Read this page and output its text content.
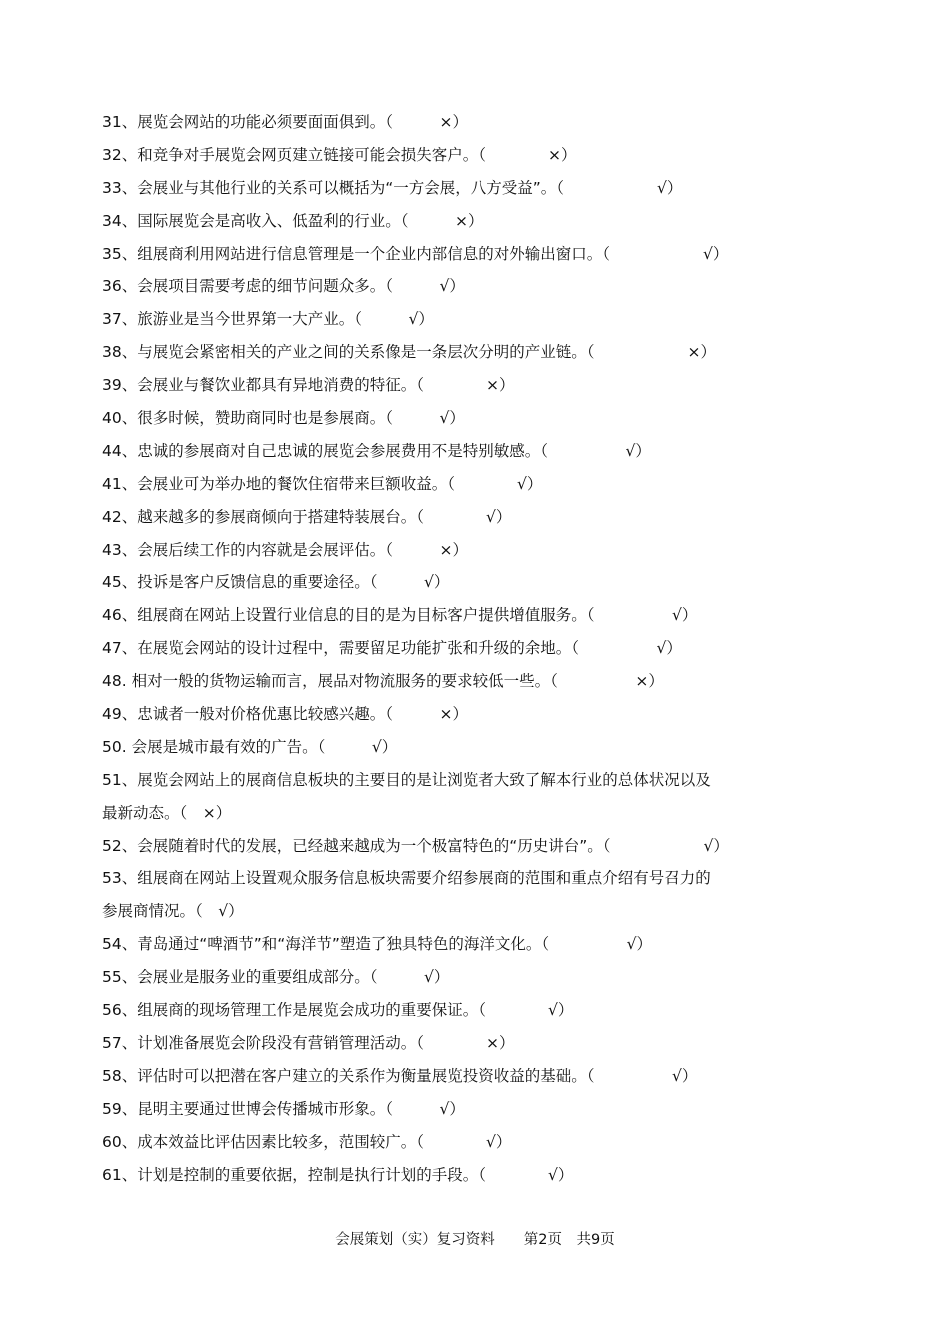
31、展览会网站的功能必须要面面俱到。（　　　×）
32、和竞争对手展览会网页建立链接可能会损失客户。（　　　　×）
33、会展业与其他行业的关系可以概括为“一方会展，八方受益”。（　　　　　　√）
34、国际展览会是高收入、低盈利的行业。（　　　×）
35、组展商利用网站进行信息管理是一个企业内部信息的对外输出窗口。（　　　　　　√）
36、会展项目需要考虑的细节问题众多。（　　　√）
37、旅游业是当今世界第一大产业。（　　　√）
38、与展览会紧密相关的产业之间的关系像是一条层次分明的产业链。（　　　　　　×）
39、会展业与餐饮业都具有异地消费的特征。（　　　　×）
40、很多时候，赞助商同时也是参展商。（　　　√）
44、忠诚的参展商对自己忠诚的展览会参展费用不是特别敏感。（　　　　　√）
41、会展业可为举办地的餐饮住宿带来巨额收益。（　　　　√）
42、越来越多的参展商倾向于搭建特装展台。（　　　　√）
43、会展后续工作的内容就是会展评估。（　　　×）
45、投诉是客户反馈信息的重要途径。（　　　√）
46、组展商在网站上设置行业信息的目的是为目标客户提供增值服务。（　　　　　√）
47、在展览会网站的设计过程中，需要留足功能扩张和升级的余地。（　　　　　√）
48. 相对一般的货物运输而言，展品对物流服务的要求较低一些。（　　　　　×）
49、忠诚者一般对价格优惠比较感兴趣。（　　　×）
50. 会展是城市最有效的广告。（　　　√）
51、展览会网站上的展商信息板块的主要目的是让浏览者大致了解本行业的总体状况以及
最新动态。（　×）
52、会展随着时代的发展，已经越来越成为一个极富特色的“历史讲台”。（　　　　　　√）
53、组展商在网站上设置观众服务信息板块需要介绍参展商的范围和重点介绍有号召力的
参展商情况。（　√）
54、青岛通过“啤酒节”和“海洋节”塑造了独具特色的海洋文化。（　　　　　√）
55、会展业是服务业的重要组成部分。（　　　√）
56、组展商的现场管理工作是展览会成功的重要保证。（　　　　√）
57、计划准备展览会阶段没有营销管理活动。（　　　　×）
58、评估时可以把潜在客户建立的关系作为衡量展览投资收益的基础。（　　　　　√）
59、昆明主要通过世博会传播城市形象。（　　　√）
60、成本效益比评估因素比较多，范围较广。（　　　　√）
61、计划是控制的重要依据，控制是执行计划的手段。（　　　　√）
会展策划（实）复习资料　　第2页　共9页
